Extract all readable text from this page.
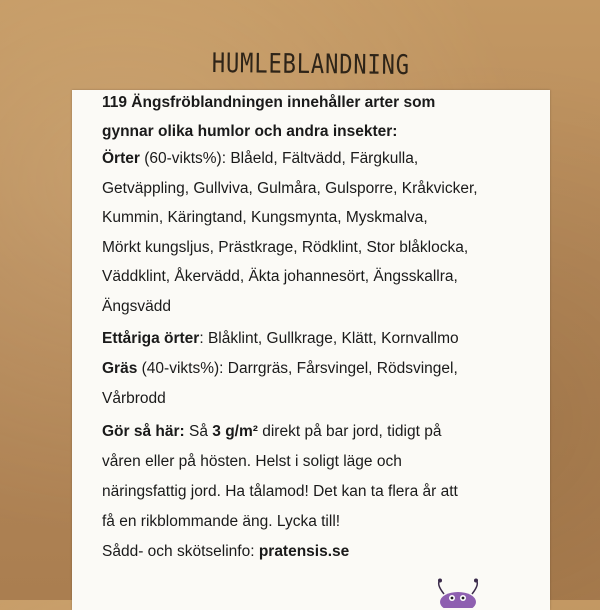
HUMLEBLANDNING
119 Ängsfröblandningen innehåller arter som
gynnar olika humlor och andra insekter:
Örter (60-vikts%): Blåeld, Fältvädd, Färgkulla,
Getväppling, Gullviva, Gulmåra, Gulsporre, Kråkvicker,
Kummin, Käringtand, Kungsmynta, Myskmalva,
Mörkt kungsljus, Prästkrage, Rödklint, Stor blåklocka,
Väddklint, Åkervädd, Äkta johannesört, Ängsskallra,
Ängsvädd
Ettåriga örter: Blåklint, Gullkrage, Klätt, Kornvallmo
Gräs (40-vikts%): Darrgräs, Fårsvingel, Rödsvingel,
Vårbrodd
Gör så här: Så 3 g/m² direkt på bar jord, tidigt på
våren eller på hösten. Helst i soligt läge och
näringsfattig jord. Ha tålamod! Det kan ta flera år att
få en rikblommande äng. Lycka till!
Sådd- och skötselinfo: pratensis.se
